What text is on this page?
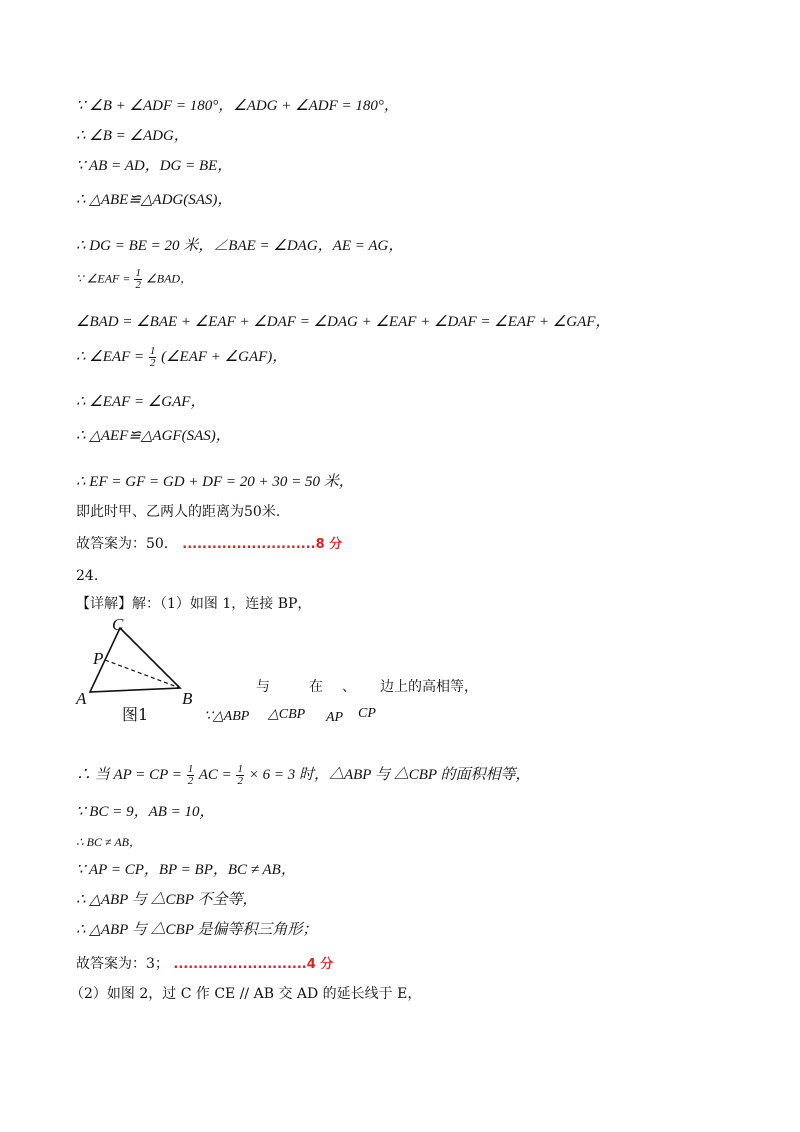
∵ ∠B + ∠ADF = 180°，∠ADG + ∠ADF = 180°，
∴ ∠B = ∠ADG，
∵ AB = AD，DG = BE，
∴ △ABE≌△ADG(SAS)，
∴ DG = BE = 20 米，∠BAE = ∠DAG，AE = AG，
∵ ∠EAF = $\frac{1}{2}$ ∠BAD，
∠BAD = ∠BAE + ∠EAF + ∠DAF = ∠DAG + ∠EAF + ∠DAF = ∠EAF + ∠GAF，
∴ ∠EAF = $\frac{1}{2}$ (∠EAF + ∠GAF)，
∴ ∠EAF = ∠GAF，
∴ △AEF≌△AGF(SAS)，
∴ EF = GF = GD + DF = 20 + 30 = 50 米，
即此时甲、乙两人的距离为50米.
故答案为：50． ...........................8 分
24.
【详解】解：（1）如图 1，连接 BP，
C
P
A	B
图1
与	在 、 边上的高相等，
∵△ABP △CBP AP CP
∴ 当 AP = CP = $\frac{1}{2}$ AC = $\frac{1}{2} \times 6 = 3$ 时，△ABP 与 △CBP 的面积相等，
∵ BC = 9，AB = 10，
∴ BC ≠ AB，
∵ AP = CP，BP = BP，BC ≠ AB，
∴ △ABP 与 △CBP 不全等，
∴ △ABP 与 △CBP 是偏等积三角形；
故答案为：3； ...........................4 分
（2）如图 2，过 C 作 CE // AB 交 AD 的延长线于 E，
